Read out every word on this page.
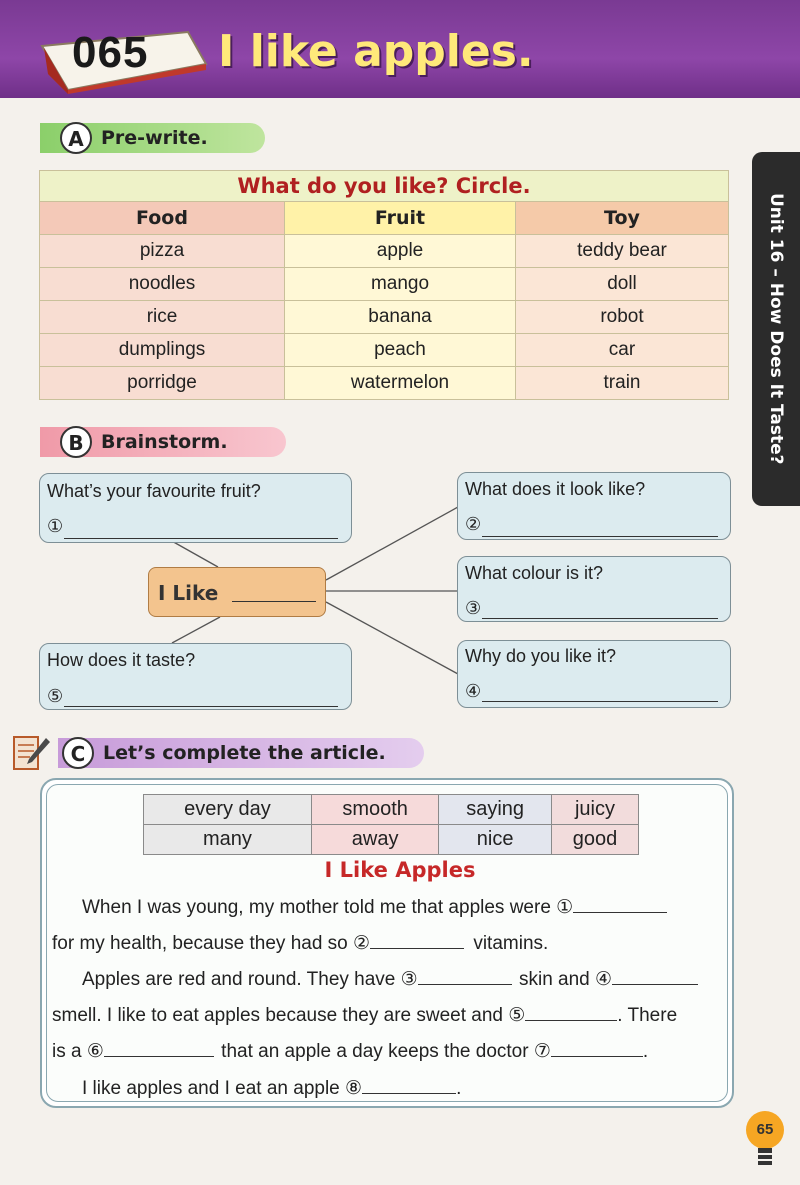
065 I like apples.
Unit 16 – How Does It Taste?
A Pre-write.
What do you like? Circle.		
Food	Fruit	Toy
pizza	apple	teddy bear
noodles	mango	doll
rice	banana	robot
dumplings	peach	car
porridge	watermelon	train
B Brainstorm.
What’s your favourite fruit?
①
What does it look like?
②
What colour is it?
③
Why do you like it?
④
How does it taste?
⑤
I Like
C Let’s complete the article.
every day	smooth	saying	juicy
many	away	nice	good
I Like Apples
When I was young, my mother told me that apples were ①
for my health, because they had so ②	vitamins.
Apples are red and round. They have ③	skin and ④
smell. I like to eat apples because they are sweet and ⑤	. There
is a ⑥	that an apple a day keeps the doctor ⑦	.
I like apples and I eat an apple ⑧	.
65
